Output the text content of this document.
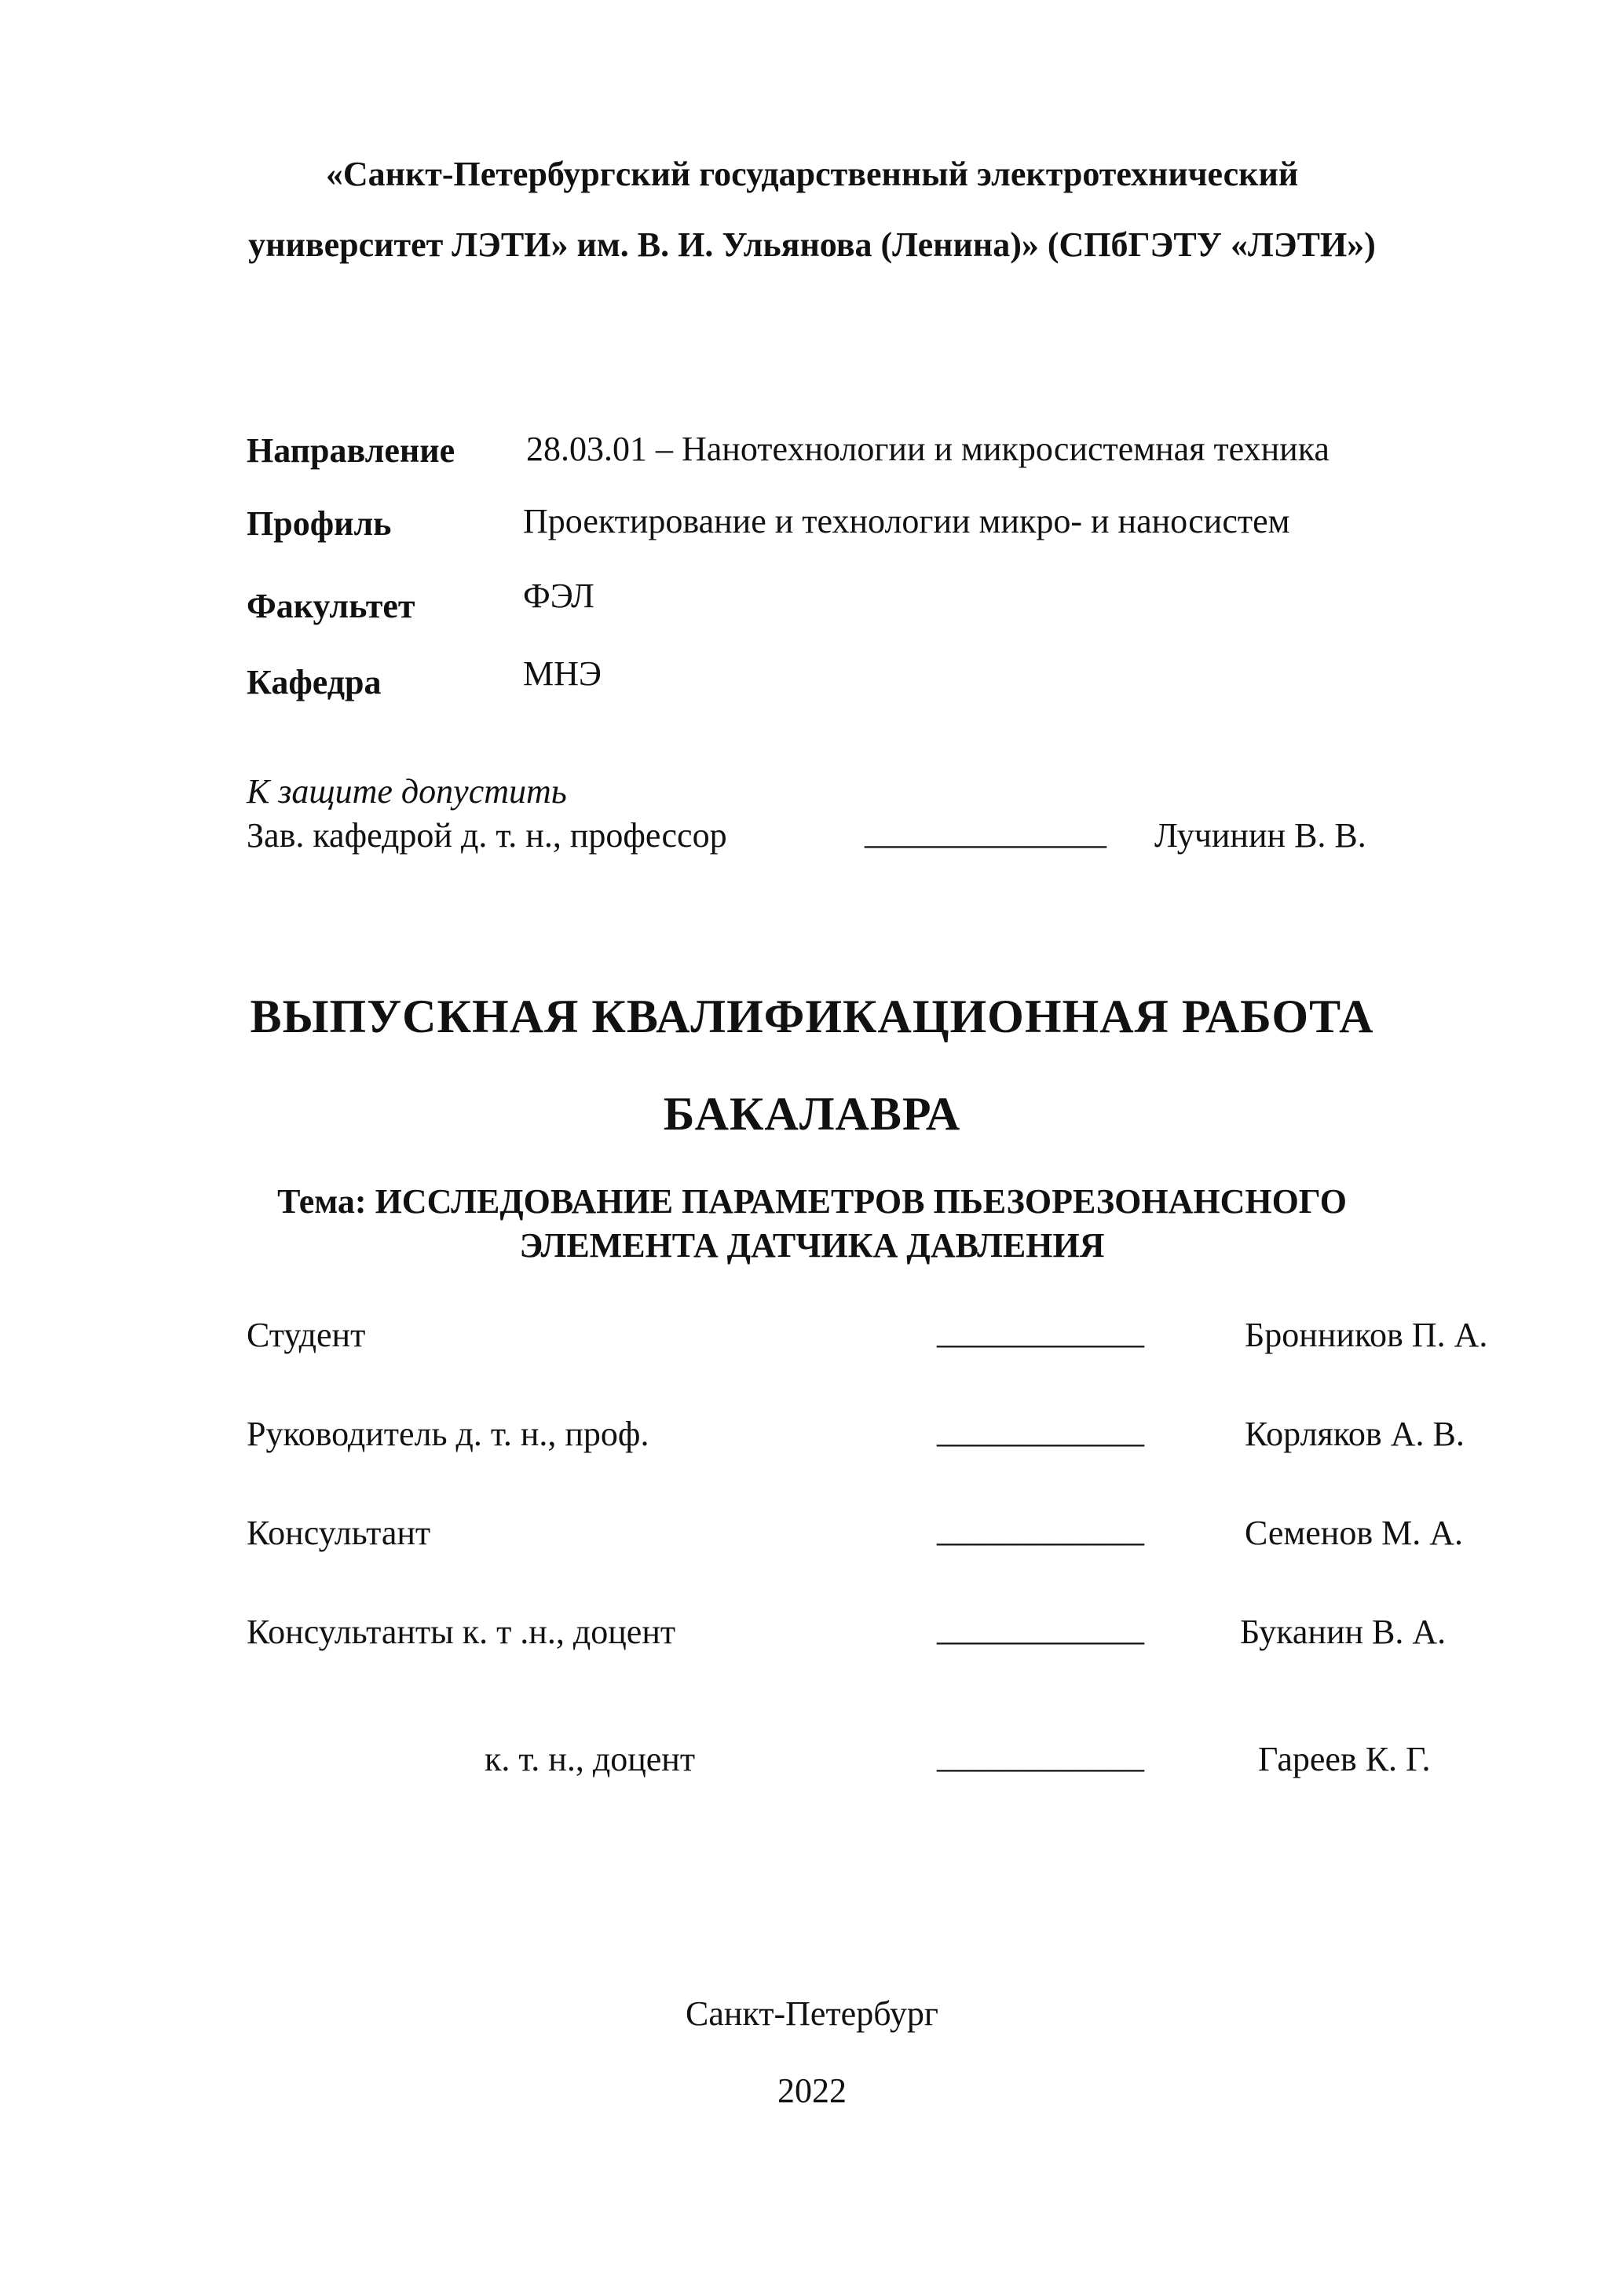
«Санкт-Петербургский государственный электротехнический
университет ЛЭТИ» им. В. И. Ульянова (Ленина)» (СПбГЭТУ «ЛЭТИ»)
Направление 28.03.01 – Нанотехнологии и микросистемная техника
Профиль	Проектирование и технологии микро- и наносистем
Факультет	ФЭЛ
Кафедра	МНЭ
К защите допустить
Зав. кафедрой д. т. н., профессор	______________ Лучинин В. В.
ВЫПУСКНАЯ КВАЛИФИКАЦИОННАЯ РАБОТА
БАКАЛАВРА
Тема: ИССЛЕДОВАНИЕ ПАРАМЕТРОВ ПЬЕЗОРЕЗОНАНСНОГО
ЭЛЕМЕНТА ДАТЧИКА ДАВЛЕНИЯ
Студент	____________	Бронников П. А.
Руководитель д. т. н., проф.	____________	Корляков А. В.
Консультант	____________	Семенов М. А.
Консультанты к. т .н., доцент	____________	Буканин В. А.
к. т. н., доцент	____________	Гареев К. Г.
Санкт-Петербург
2022
